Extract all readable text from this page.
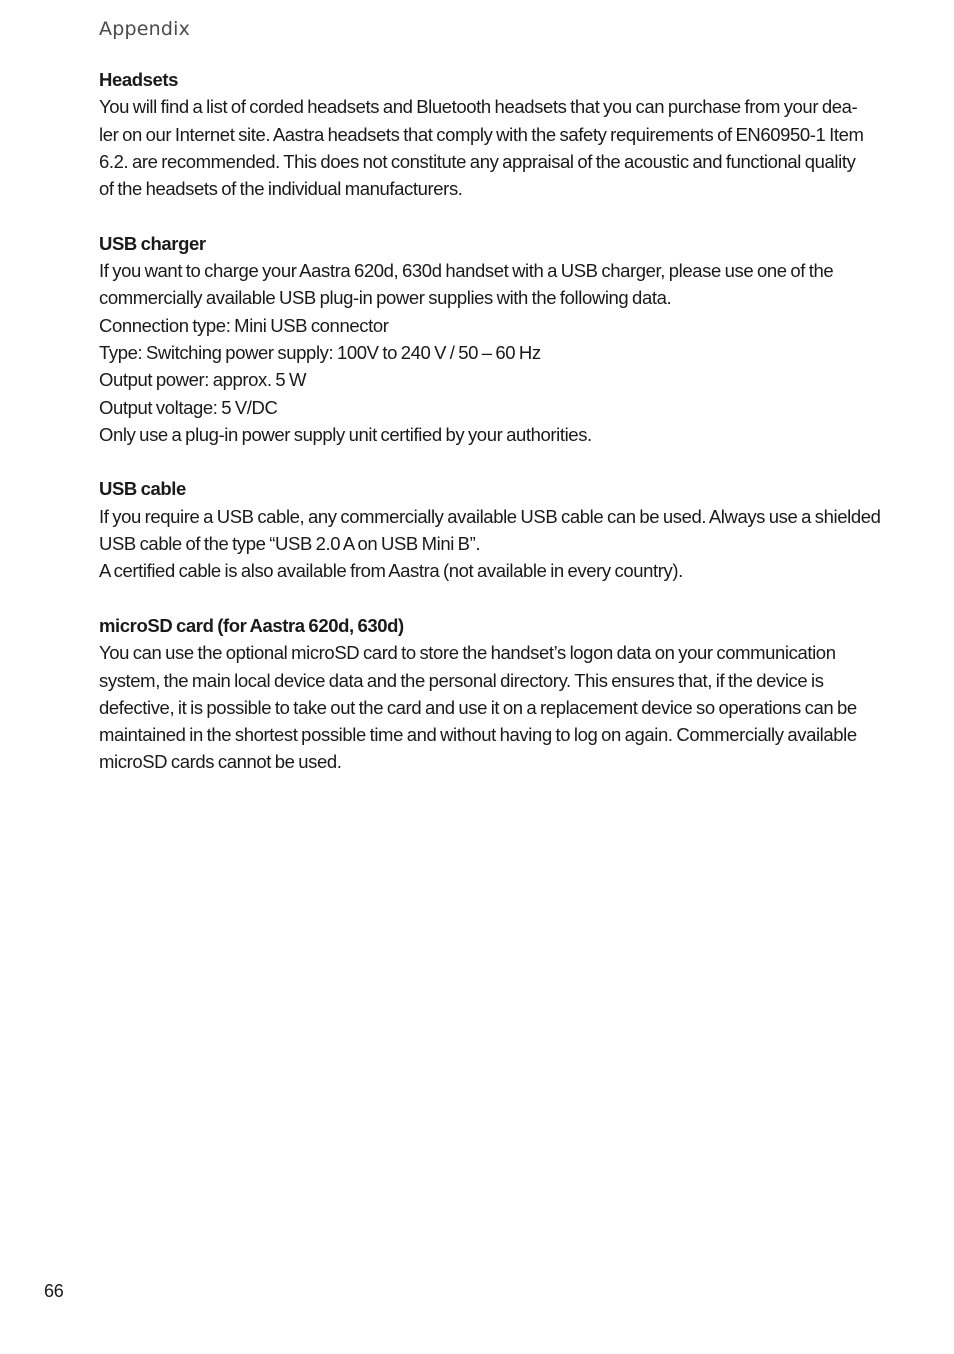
Appendix
Headsets

You will find a list of corded headsets and Bluetooth headsets that you can purchase from your dea-
ler on our Internet site. Aastra headsets that comply with the safety requirements of EN60950-1 Item
6.2. are recommended. This does not constitute any appraisal of the acoustic and functional quality
of the headsets of the individual manufacturers.

USB charger

If you want to charge your Aastra 620d, 630d handset with a USB charger, please use one of the
commercially available USB plug-in power supplies with the following data.
Connection type: Mini USB connector
Type: Switching power supply: 100V to 240 V / 50 – 60 Hz
Output power: approx. 5 W
Output voltage: 5 V/DC
Only use a plug-in power supply unit certified by your authorities.

USB cable

If you require a USB cable, any commercially available USB cable can be used. Always use a shielded
USB cable of the type “USB 2.0 A on USB Mini B”.
A certified cable is also available from Aastra (not available in every country).

microSD card (for Aastra 620d, 630d)

You can use the optional microSD card to store the handset’s logon data on your communication
system, the main local device data and the personal directory. This ensures that, if the device is
defective, it is possible to take out the card and use it on a replacement device so operations can be
maintained in the shortest possible time and without having to log on again. Commercially available
microSD cards cannot be used.

66
